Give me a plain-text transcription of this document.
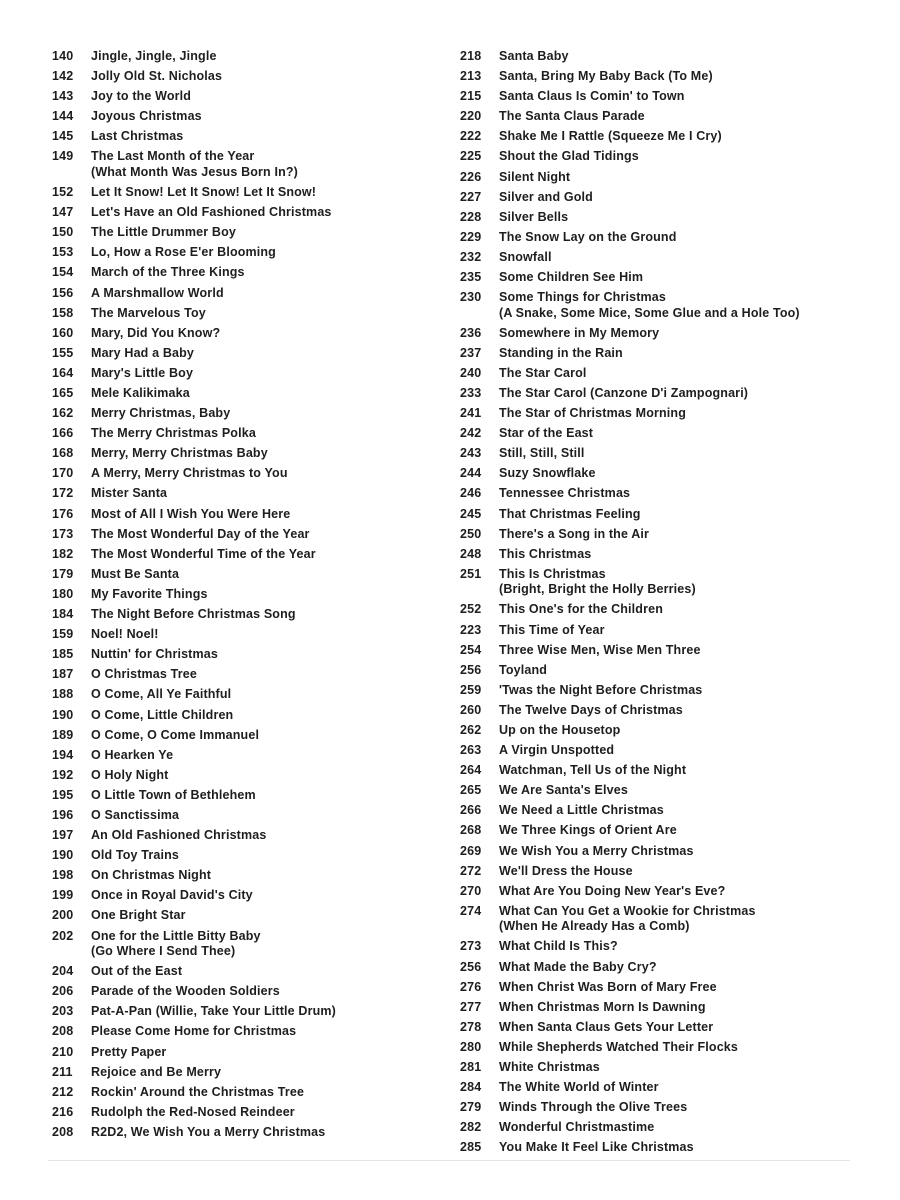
140	Jingle, Jingle, Jingle
142	Jolly Old St. Nicholas
143	Joy to the World
144	Joyous Christmas
145	Last Christmas
149	The Last Month of the Year
(What Month Was Jesus Born In?)
152	Let It Snow! Let It Snow! Let It Snow!
147	Let's Have an Old Fashioned Christmas
150	The Little Drummer Boy
153	Lo, How a Rose E'er Blooming
154	March of the Three Kings
156	A Marshmallow World
158	The Marvelous Toy
160	Mary, Did You Know?
155	Mary Had a Baby
164	Mary's Little Boy
165	Mele Kalikimaka
162	Merry Christmas, Baby
166	The Merry Christmas Polka
168	Merry, Merry Christmas Baby
170	A Merry, Merry Christmas to You
172	Mister Santa
176	Most of All I Wish You Were Here
173	The Most Wonderful Day of the Year
182	The Most Wonderful Time of the Year
179	Must Be Santa
180	My Favorite Things
184	The Night Before Christmas Song
159	Noel! Noel!
185	Nuttin' for Christmas
187	O Christmas Tree
188	O Come, All Ye Faithful
190	O Come, Little Children
189	O Come, O Come Immanuel
194	O Hearken Ye
192	O Holy Night
195	O Little Town of Bethlehem
196	O Sanctissima
197	An Old Fashioned Christmas
190	Old Toy Trains
198	On Christmas Night
199	Once in Royal David's City
200	One Bright Star
202	One for the Little Bitty Baby
(Go Where I Send Thee)
204	Out of the East
206	Parade of the Wooden Soldiers
203	Pat-A-Pan (Willie, Take Your Little Drum)
208	Please Come Home for Christmas
210	Pretty Paper
211	Rejoice and Be Merry
212	Rockin' Around the Christmas Tree
216	Rudolph the Red-Nosed Reindeer
208	R2D2, We Wish You a Merry Christmas
218	Santa Baby
213	Santa, Bring My Baby Back (To Me)
215	Santa Claus Is Comin' to Town
220	The Santa Claus Parade
222	Shake Me I Rattle (Squeeze Me I Cry)
225	Shout the Glad Tidings
226	Silent Night
227	Silver and Gold
228	Silver Bells
229	The Snow Lay on the Ground
232	Snowfall
235	Some Children See Him
230	Some Things for Christmas
(A Snake, Some Mice, Some Glue and a Hole Too)
236	Somewhere in My Memory
237	Standing in the Rain
240	The Star Carol
233	The Star Carol (Canzone D'i Zampognari)
241	The Star of Christmas Morning
242	Star of the East
243	Still, Still, Still
244	Suzy Snowflake
246	Tennessee Christmas
245	That Christmas Feeling
250	There's a Song in the Air
248	This Christmas
251	This Is Christmas
(Bright, Bright the Holly Berries)
252	This One's for the Children
223	This Time of Year
254	Three Wise Men, Wise Men Three
256	Toyland
259	'Twas the Night Before Christmas
260	The Twelve Days of Christmas
262	Up on the Housetop
263	A Virgin Unspotted
264	Watchman, Tell Us of the Night
265	We Are Santa's Elves
266	We Need a Little Christmas
268	We Three Kings of Orient Are
269	We Wish You a Merry Christmas
272	We'll Dress the House
270	What Are You Doing New Year's Eve?
274	What Can You Get a Wookie for Christmas
(When He Already Has a Comb)
273	What Child Is This?
256	What Made the Baby Cry?
276	When Christ Was Born of Mary Free
277	When Christmas Morn Is Dawning
278	When Santa Claus Gets Your Letter
280	While Shepherds Watched Their Flocks
281	White Christmas
284	The White World of Winter
279	Winds Through the Olive Trees
282	Wonderful Christmastime
285	You Make It Feel Like Christmas
